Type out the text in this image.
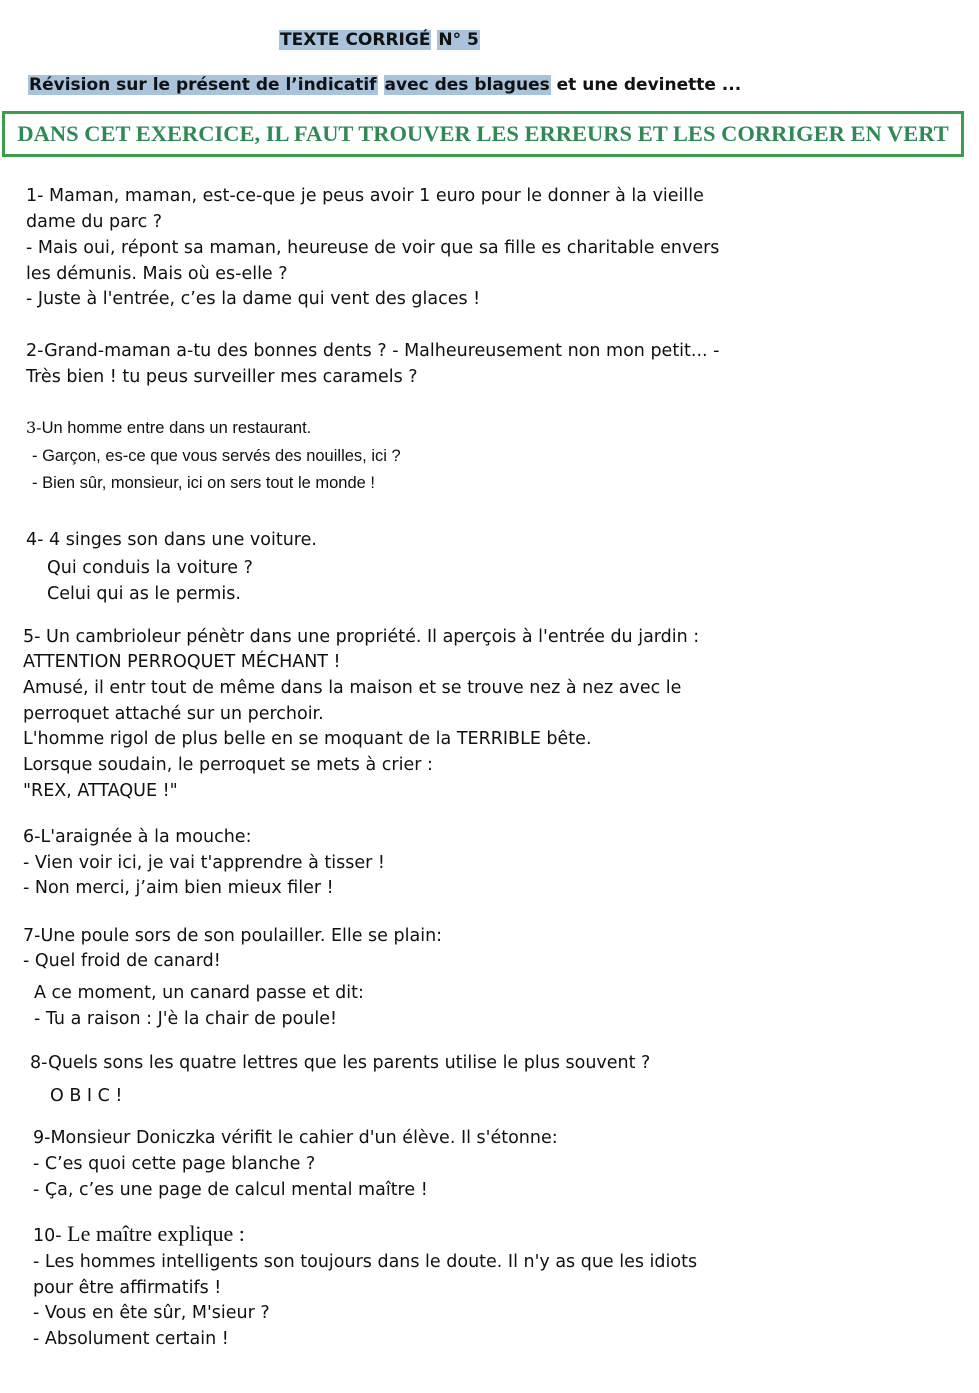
TEXTE CORRIGÉ N° 5
Révision sur le présent de l’indicatif avec des blagues et une devinette ...
DANS CET EXERCICE, IL FAUT TROUVER LES ERREURS ET LES CORRIGER EN VERT
1- Maman, maman, est-ce-que je peus avoir 1 euro pour le donner à la vieille
dame du parc ?
- Mais oui, répont sa maman, heureuse de voir que sa fille es charitable envers
les démunis. Mais où es-elle ?
- Juste à l'entrée, c’es la dame qui vent des glaces !
2-Grand-maman a-tu des bonnes dents ? - Malheureusement non mon petit... -
Très bien ! tu peus surveiller mes caramels ?
3-Un homme entre dans un restaurant.
- Garçon, es-ce que vous servés des nouilles, ici ?
- Bien sûr, monsieur, ici on sers tout le monde !
4- 4 singes son dans une voiture.
Qui conduis la voiture ?
Celui qui as le permis.
5- Un cambrioleur pénètr dans une propriété. Il aperçois à l'entrée du jardin :
ATTENTION PERROQUET MÉCHANT !
Amusé, il entr tout de même dans la maison et se trouve nez à nez avec le
perroquet attaché sur un perchoir.
L'homme rigol de plus belle en se moquant de la TERRIBLE bête.
Lorsque soudain, le perroquet se mets à crier :
"REX, ATTAQUE !"
6-L'araignée à la mouche:
- Vien voir ici, je vai t'apprendre à tisser !
- Non merci, j’aim bien mieux filer !
7-Une poule sors de son poulailler. Elle se plain:
- Quel froid de canard!
A ce moment, un canard passe et dit:
- Tu a raison : J'è la chair de poule!
8-Quels sons les quatre lettres que les parents utilise le plus souvent ?
O B I C !
9-Monsieur Doniczka vérifit le cahier d'un élève. Il s'étonne:
- C’es quoi cette page blanche ?
- Ça, c’es une page de calcul mental maître !
10- Le maître explique :
- Les hommes intelligents son toujours dans le doute. Il n'y as que les idiots
pour être affirmatifs !
- Vous en ête sûr, M'sieur ?
- Absolument certain !
